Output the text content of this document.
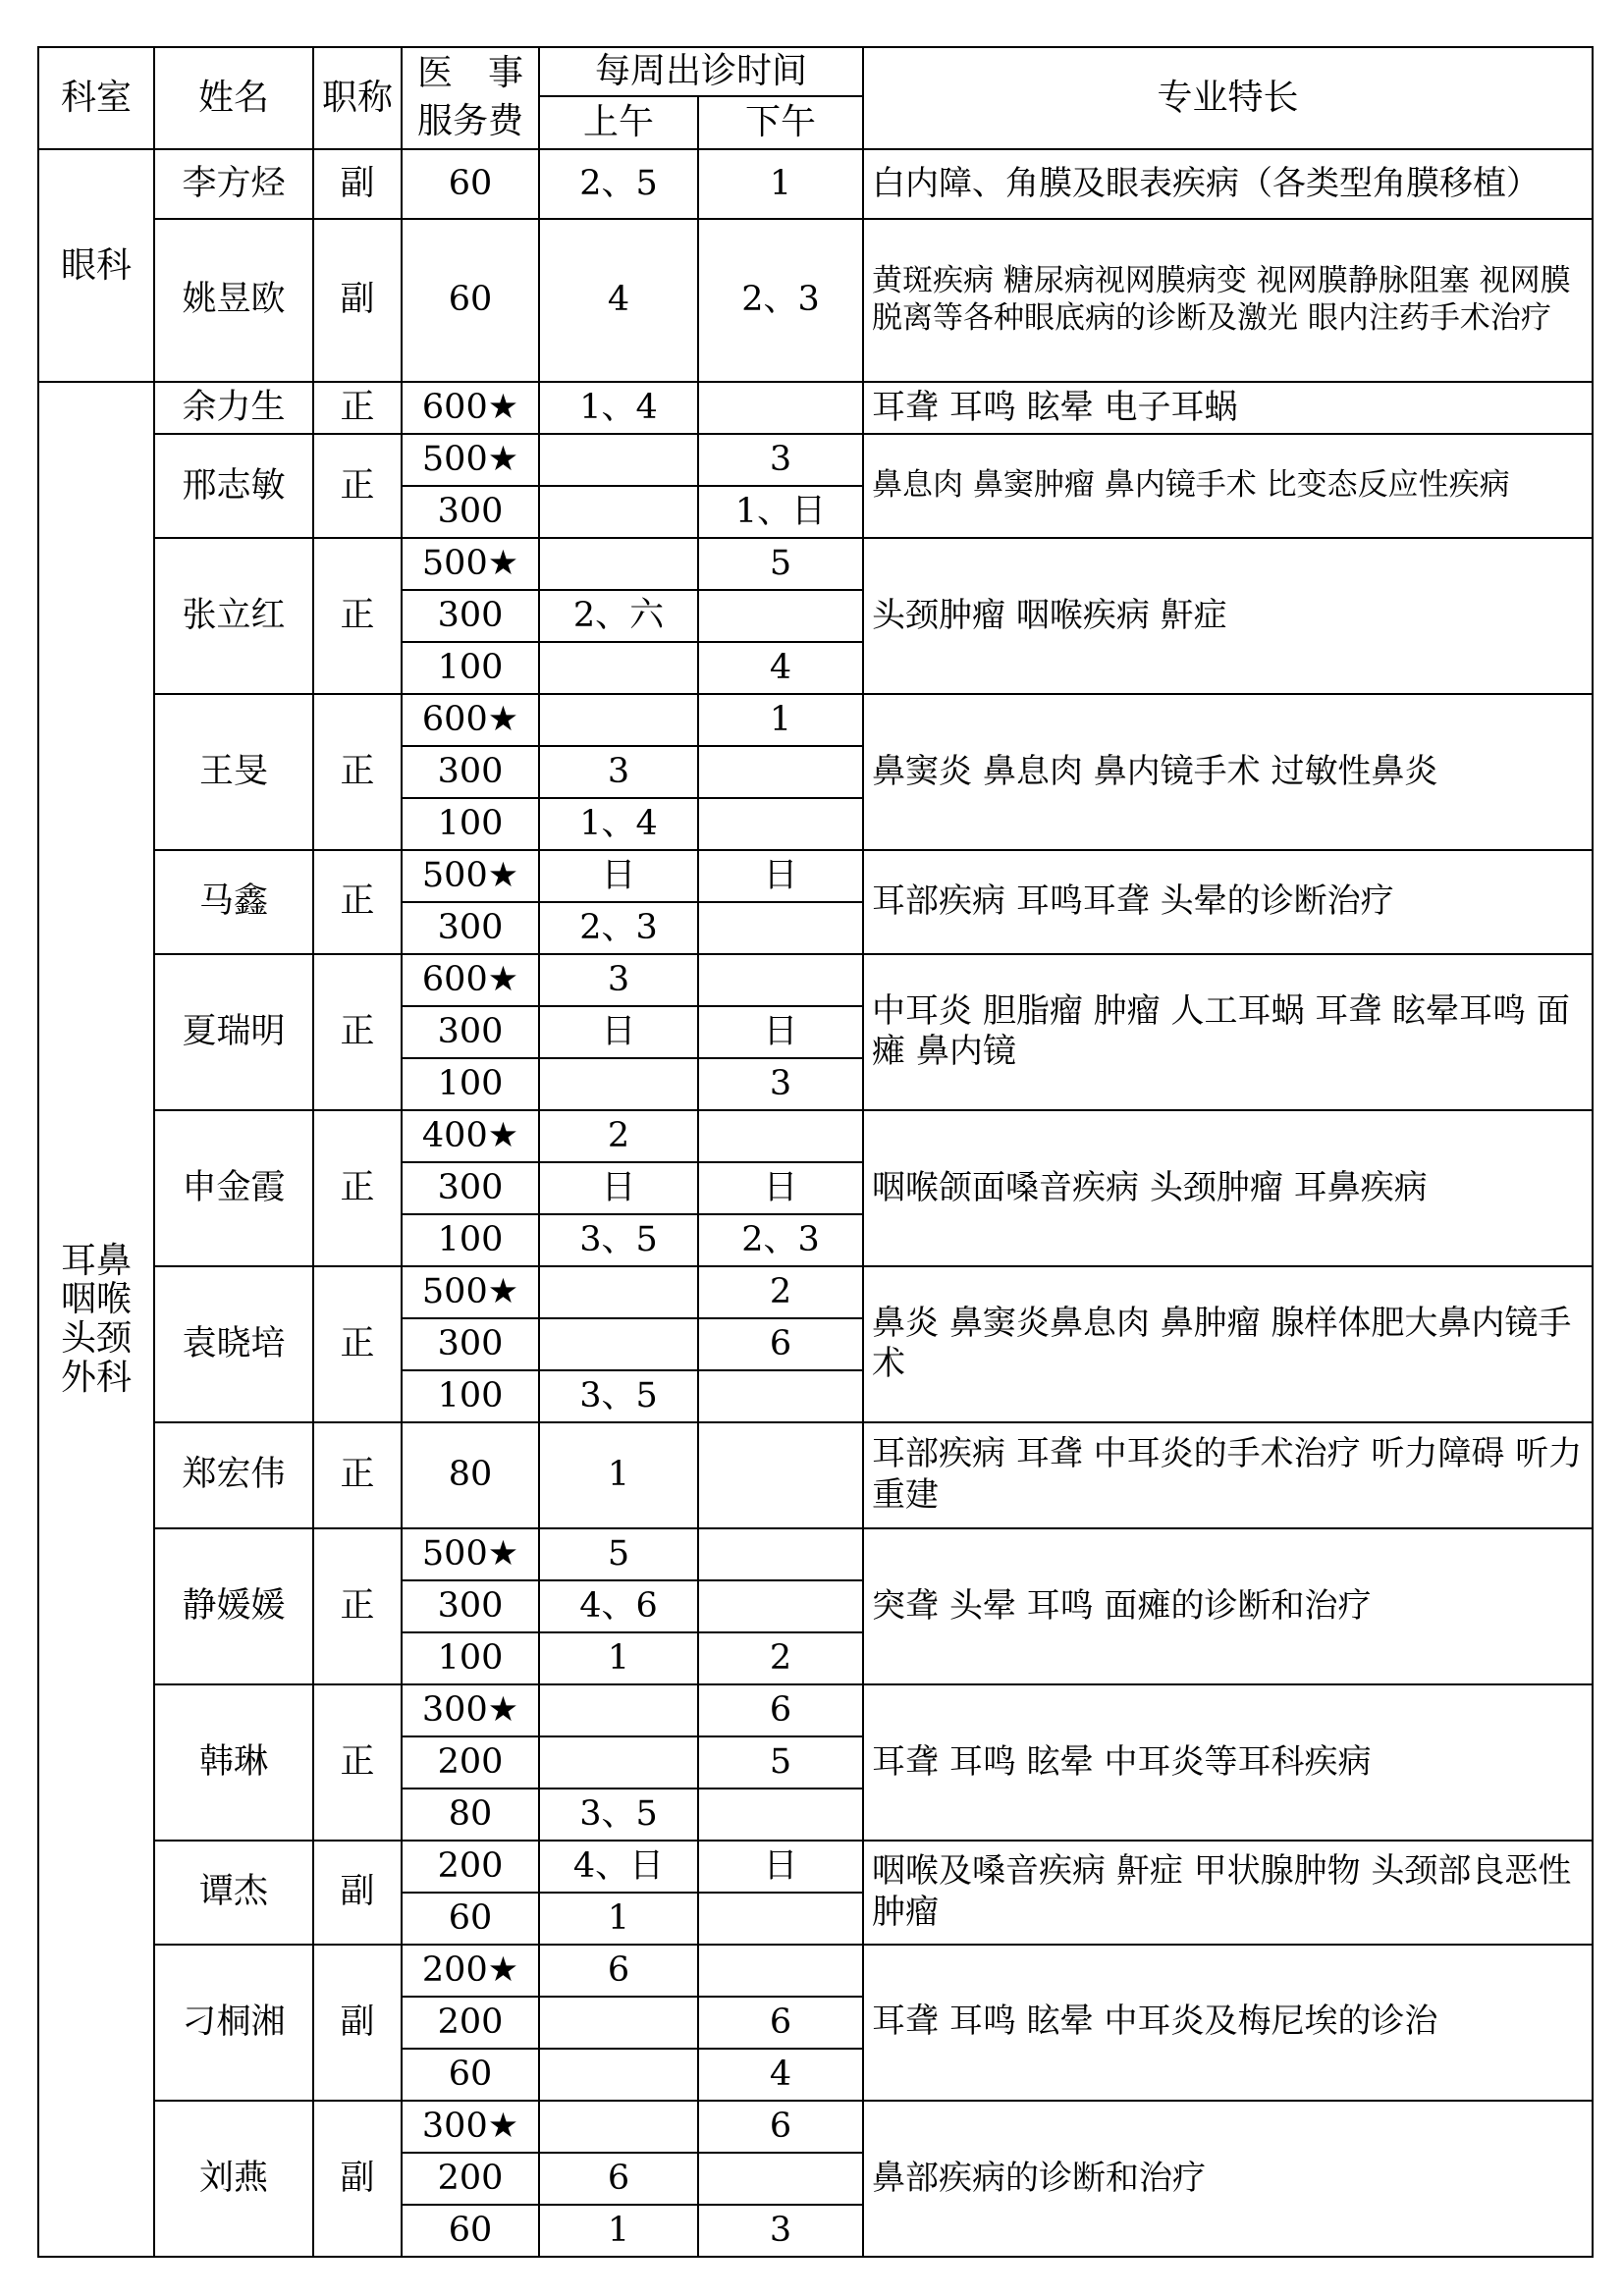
科室	姓名	职称	医　事
服务费	每周出诊时间		专业特长
				上午	下午	
眼科	李方烃	副	60	2、5	1	白内障、角膜及眼表疾病（各类型角膜移植）
	姚昱欧	副	60	4	2、3	黄斑疾病 糖尿病视网膜病变 视网膜静脉阻塞 视网膜脱离等各种眼底病的诊断及激光 眼内注药手术治疗

耳鼻
咽喉
头颈
外科	余力生	正	600★	1、4		耳聋 耳鸣 眩晕 电子耳蜗
	邢志敏	正	500★		3	鼻息肉 鼻窦肿瘤 鼻内镜手术 比变态反应性疾病
			300		1、日	
	张立红	正	500★		5	头颈肿瘤 咽喉疾病 鼾症
			300	2、六		
			100		4	
	王旻	正	600★		1	鼻窦炎 鼻息肉 鼻内镜手术 过敏性鼻炎
			300	3		
			100	1、4		
	马鑫	正	500★	日	日	耳部疾病 耳鸣耳聋 头晕的诊断治疗
			300	2、3		
	夏瑞明	正	600★	3		中耳炎 胆脂瘤 肿瘤 人工耳蜗 耳聋 眩晕耳鸣 面瘫 鼻内镜
			300	日	日	
			100		3	
	申金霞	正	400★	2		咽喉颌面嗓音疾病 头颈肿瘤 耳鼻疾病
			300	日	日	
			100	3、5	2、3	
	袁晓培	正	500★		2	鼻炎 鼻窦炎鼻息肉 鼻肿瘤 腺样体肥大鼻内镜手术
			300		6	
			100	3、5		
	郑宏伟	正	80	1		耳部疾病 耳聋 中耳炎的手术治疗 听力障碍 听力重建
	静媛媛	正	500★	5		突聋 头晕 耳鸣 面瘫的诊断和治疗
			300	4、6		
			100	1	2	
	韩琳	正	300★		6	耳聋 耳鸣 眩晕 中耳炎等耳科疾病
			200		5	
			80	3、5		
	谭杰	副	200	4、日	日	咽喉及嗓音疾病 鼾症 甲状腺肿物 头颈部良恶性肿瘤
			60	1		
	刁桐湘	副	200★	6		耳聋 耳鸣 眩晕 中耳炎及梅尼埃的诊治
			200		6	
			60		4	
	刘燕	副	300★		6	鼻部疾病的诊断和治疗
			200	6		
			60	1	3	
